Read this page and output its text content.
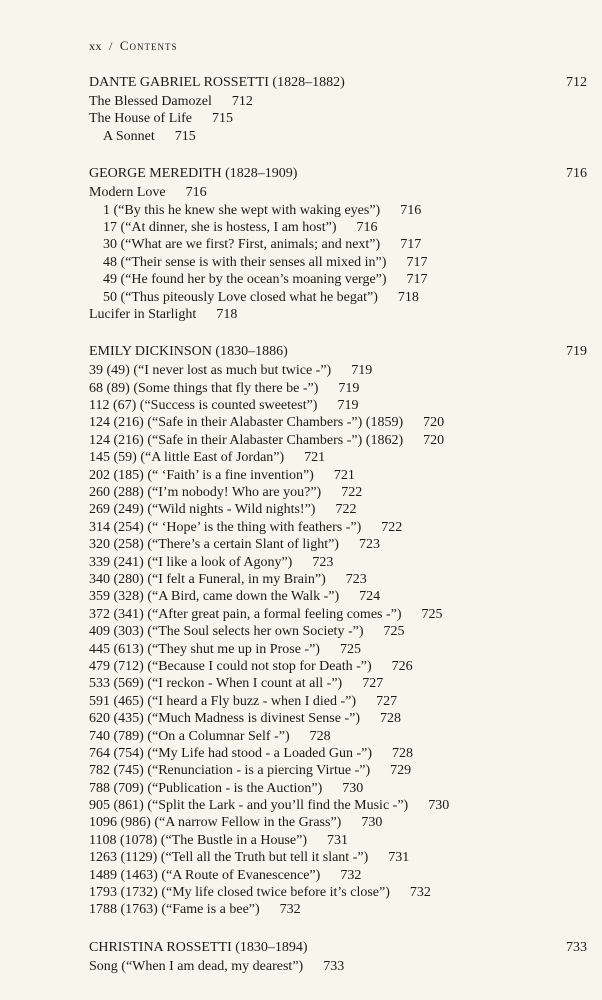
xx / Contents
DANTE GABRIEL ROSSETTI (1828–1882)	712
The Blessed Damozel 712
The House of Life 715
A Sonnet 715
GEORGE MEREDITH (1828–1909)	716
Modern Love 716
1 (“By this he knew she wept with waking eyes”) 716
17 (“At dinner, she is hostess, I am host”) 716
30 (“What are we first? First, animals; and next”) 717
48 (“Their sense is with their senses all mixed in”) 717
49 (“He found her by the ocean’s moaning verge”) 717
50 (“Thus piteously Love closed what he begat”) 718
Lucifer in Starlight 718
EMILY DICKINSON (1830–1886)	719
39 (49) (“I never lost as much but twice -”) 719
68 (89) (Some things that fly there be -”) 719
112 (67) (“Success is counted sweetest”) 719
124 (216) (“Safe in their Alabaster Chambers -”) (1859) 720
124 (216) (“Safe in their Alabaster Chambers -”) (1862) 720
145 (59) (“A little East of Jordan”) 721
202 (185) (“ ‘Faith’ is a fine invention”) 721
260 (288) (“I’m nobody! Who are you?”) 722
269 (249) (“Wild nights - Wild nights!”) 722
314 (254) (“ ‘Hope’ is the thing with feathers -”) 722
320 (258) (“There’s a certain Slant of light”) 723
339 (241) (“I like a look of Agony”) 723
340 (280) (“I felt a Funeral, in my Brain”) 723
359 (328) (“A Bird, came down the Walk -”) 724
372 (341) (“After great pain, a formal feeling comes -”) 725
409 (303) (“The Soul selects her own Society -”) 725
445 (613) (“They shut me up in Prose -”) 725
479 (712) (“Because I could not stop for Death -”) 726
533 (569) (“I reckon - When I count at all -”) 727
591 (465) (“I heard a Fly buzz - when I died -”) 727
620 (435) (“Much Madness is divinest Sense -”) 728
740 (789) (“On a Columnar Self -”) 728
764 (754) (“My Life had stood - a Loaded Gun -”) 728
782 (745) (“Renunciation - is a piercing Virtue -”) 729
788 (709) (“Publication - is the Auction”) 730
905 (861) (“Split the Lark - and you’ll find the Music -”) 730
1096 (986) (“A narrow Fellow in the Grass”) 730
1108 (1078) (“The Bustle in a House”) 731
1263 (1129) (“Tell all the Truth but tell it slant -”) 731
1489 (1463) (“A Route of Evanescence”) 732
1793 (1732) (“My life closed twice before it’s close”) 732
1788 (1763) (“Fame is a bee”) 732
CHRISTINA ROSSETTI (1830–1894)	733
Song (“When I am dead, my dearest”) 733
